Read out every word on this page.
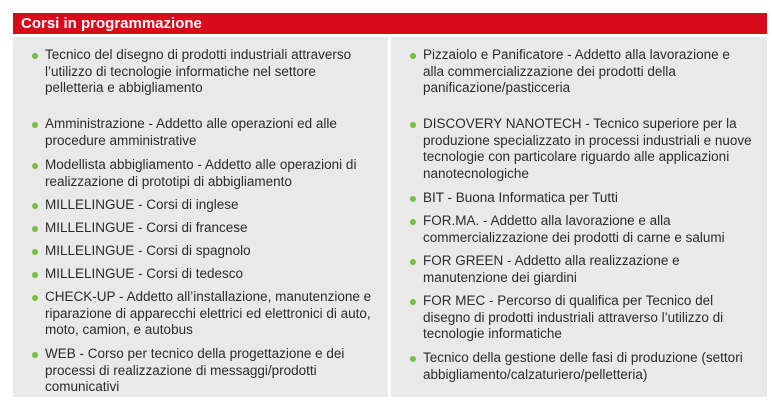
Corsi in programmazione
Tecnico del disegno di prodotti industriali attraverso l’utilizzo di tecnologie informatiche nel settore pelletteria e abbigliamento
Amministrazione - Addetto alle operazioni ed alle procedure amministrative
Modellista abbigliamento - Addetto alle operazioni di realizzazione di prototipi di abbigliamento
MILLELINGUE - Corsi di inglese
MILLELINGUE - Corsi di francese
MILLELINGUE - Corsi di spagnolo
MILLELINGUE - Corsi di tedesco
CHECK-UP - Addetto all’installazione, manutenzione e riparazione di apparecchi elettrici ed elettronici di auto, moto, camion, e autobus
WEB - Corso per tecnico della progettazione e dei processi di realizzazione di messaggi/prodotti comunicativi
Pizzaiolo e Panificatore - Addetto alla lavorazione e alla commercializzazione dei prodotti della panificazione/pasticceria
DISCOVERY NANOTECH - Tecnico superiore per la produzione specializzato in processi industriali e nuove tecnologie con particolare riguardo alle applicazioni nanotecnologiche
BIT - Buona Informatica per Tutti
FOR.MA. - Addetto alla lavorazione e alla commercializzazione dei prodotti di carne e salumi
FOR GREEN - Addetto alla realizzazione e manutenzione dei giardini
FOR MEC - Percorso di qualifica per Tecnico del disegno di prodotti industriali attraverso l’utilizzo di tecnologie informatiche
Tecnico della gestione delle fasi di produzione (settori abbigliamento/calzaturiero/pelletteria)
